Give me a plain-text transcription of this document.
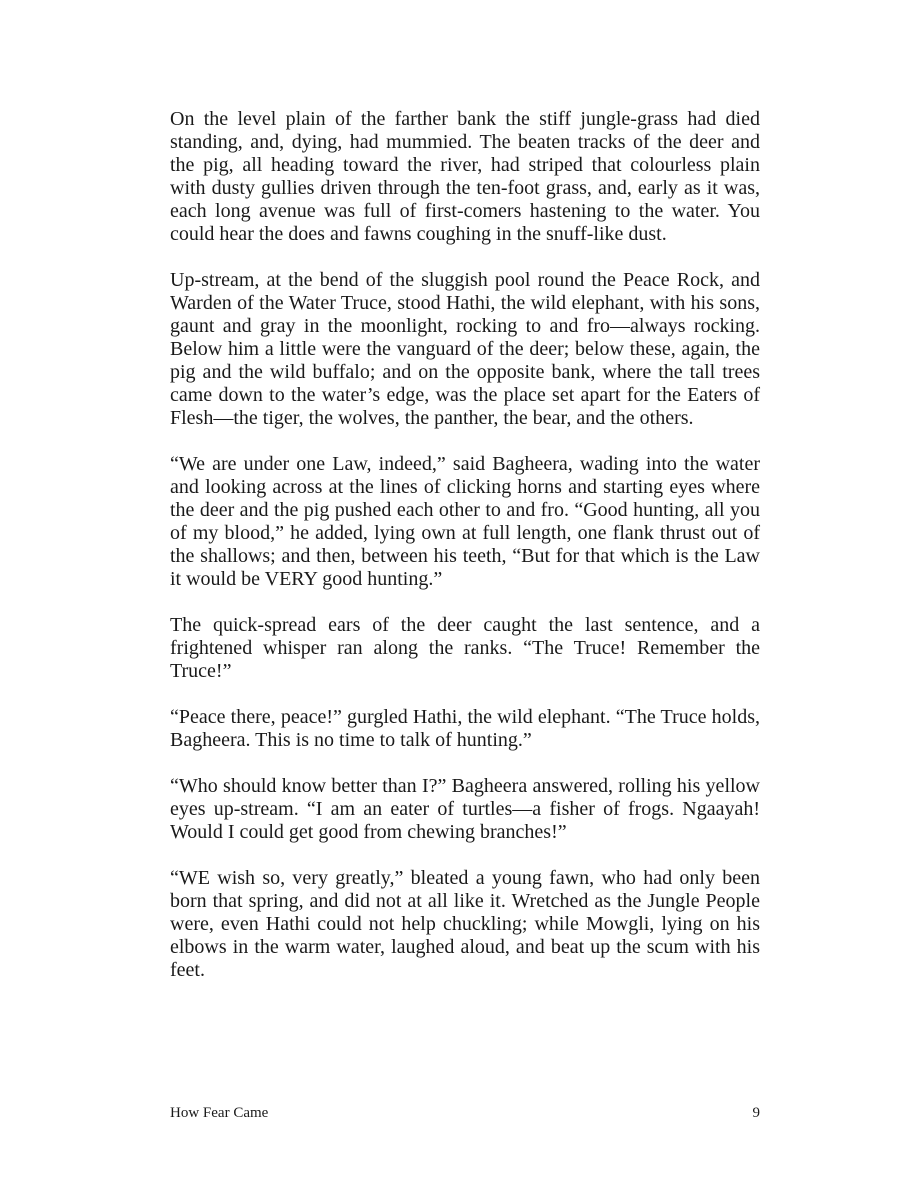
On the level plain of the farther bank the stiff jungle-grass had died standing, and, dying, had mummied. The beaten tracks of the deer and the pig, all heading toward the river, had striped that colourless plain with dusty gullies driven through the ten-foot grass, and, early as it was, each long avenue was full of first-comers hastening to the water. You could hear the does and fawns coughing in the snuff-like dust.

Up-stream, at the bend of the sluggish pool round the Peace Rock, and Warden of the Water Truce, stood Hathi, the wild elephant, with his sons, gaunt and gray in the moonlight, rocking to and fro—always rocking. Below him a little were the vanguard of the deer; below these, again, the pig and the wild buffalo; and on the opposite bank, where the tall trees came down to the water’s edge, was the place set apart for the Eaters of Flesh—the tiger, the wolves, the panther, the bear, and the others.

“We are under one Law, indeed,” said Bagheera, wading into the water and looking across at the lines of clicking horns and starting eyes where the deer and the pig pushed each other to and fro. “Good hunting, all you of my blood,” he added, lying own at full length, one flank thrust out of the shallows; and then, between his teeth, “But for that which is the Law it would be VERY good hunting.”

The quick-spread ears of the deer caught the last sentence, and a frightened whisper ran along the ranks. “The Truce! Remember the Truce!”

“Peace there, peace!” gurgled Hathi, the wild elephant. “The Truce holds, Bagheera. This is no time to talk of hunting.”

“Who should know better than I?” Bagheera answered, rolling his yellow eyes up-stream. “I am an eater of turtles—a fisher of frogs. Ngaayah! Would I could get good from chewing branches!”

“WE wish so, very greatly,” bleated a young fawn, who had only been born that spring, and did not at all like it. Wretched as the Jungle People were, even Hathi could not help chuckling; while Mowgli, lying on his elbows in the warm water, laughed aloud, and beat up the scum with his feet.

How Fear Came	9
